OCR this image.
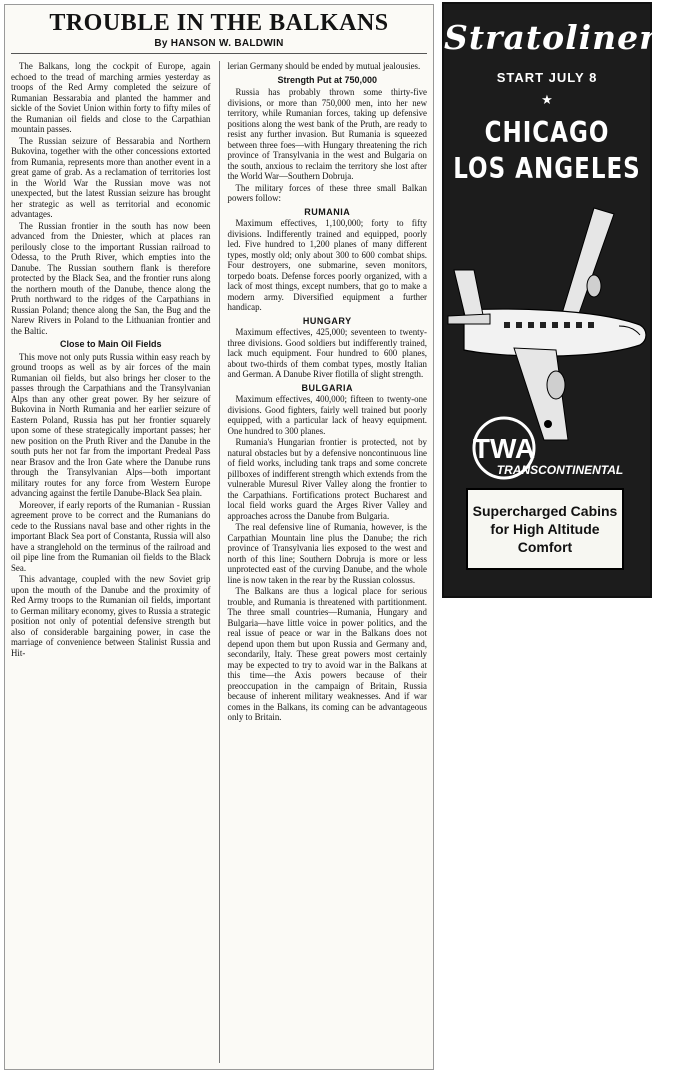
TROUBLE IN THE BALKANS

By HANSON W. BALDWIN

The Balkans, long the cockpit of Europe, again echoed to the tread of marching armies yesterday as troops of the Red Army completed the seizure of Rumanian Bessarabia and planted the hammer and sickle of the Soviet Union within forty to fifty miles of the Rumanian oil fields and close to the Carpathian mountain passes.

The Russian seizure of Bessarabia and Northern Bukovina, together with the other concessions extorted from Rumania, represents more than another event in a great game of grab. As a reclamation of territories lost in the World War the Russian move was not unexpected, but the latest Russian seizure has brought her strategic as well as territorial and economic advantages.

The Russian frontier in the south has now been advanced from the Dniester, which at places ran perilously close to the important Russian railroad to Odessa, to the Pruth River, which empties into the Danube. The Russian southern flank is therefore protected by the Black Sea, and the frontier runs along the northern mouth of the Danube, thence along the Pruth northward to the ridges of the Carpathians in Russian Poland; thence along the San, the Bug and the Narew Rivers in Poland to the Lithuanian frontier and the Baltic.

Close to Main Oil Fields

This move not only puts Russia within easy reach by ground troops as well as by air forces of the main Rumanian oil fields, but also brings her closer to the passes through the Carpathians and the Transylvanian Alps than any other great power. By her seizure of Bukovina in North Rumania and her earlier seizure of Eastern Poland, Russia has put her frontier squarely upon some of these strategically important passes; her new position on the Pruth River and the Danube in the south puts her not far from the important Predeal Pass near Brasov and the Iron Gate where the Danube runs through the Transylvanian Alps—both important military routes for any force from Western Europe advancing against the fertile Danube-Black Sea plain.

Moreover, if early reports of the Rumanian - Russian agreement prove to be correct and the Rumanians do cede to the Russians naval base and other rights in the important Black Sea port of Constanta, Russia will also have a stranglehold on the terminus of the railroad and oil pipe line from the Rumanian oil fields to the Black Sea.

This advantage, coupled with the new Soviet grip upon the mouth of the Danube and the proximity of Red Army troops to the Rumanian oil fields, important to German military economy, gives to Russia a strategic position not only of potential defensive strength but also of considerable bargaining power, in case the marriage of convenience between Stalinist Russia and Hit-

lerian Germany should be ended by mutual jealousies.

Strength Put at 750,000

Russia has probably thrown some thirty-five divisions, or more than 750,000 men, into her new territory, while Rumanian forces, taking up defensive positions along the west bank of the Pruth, are ready to resist any further invasion. But Rumania is squeezed between three foes—with Hungary threatening the rich province of Transylvania in the west and Bulgaria on the south, anxious to reclaim the territory she lost after the World War—Southern Dobruja.

The military forces of these three small Balkan powers follow:

RUMANIA

Maximum effectives, 1,100,000; forty to fifty divisions. Indifferently trained and equipped, poorly led. Five hundred to 1,200 planes of many different types, mostly old; only about 300 to 600 combat ships. Four destroyers, one submarine, seven monitors, torpedo boats. Defense forces poorly organized, with a lack of most things, except numbers, that go to make a modern army. Diversified equipment a further handicap.

HUNGARY

Maximum effectives, 425,000; seventeen to twenty-three divisions. Good soldiers but indifferently trained, lack much equipment. Four hundred to 600 planes, about two-thirds of them combat types, mostly Italian and German. A Danube River flotilla of slight strength.

BULGARIA

Maximum effectives, 400,000; fifteen to twenty-one divisions. Good fighters, fairly well trained but poorly equipped, with a particular lack of heavy equipment. One hundred to 300 planes.

Rumania's Hungarian frontier is protected, not by natural obstacles but by a defensive noncontinuous line of field works, including tank traps and some concrete pillboxes of indifferent strength which extends from the vulnerable Muresul River Valley along the frontier to the Carpathians. Fortifications protect Bucharest and local field works guard the Arges River Valley and approaches across the Danube from Bulgaria.

The real defensive line of Rumania, however, is the Carpathian Mountain line plus the Danube; the rich province of Transylvania lies exposed to the west and north of this line; Southern Dobruja is more or less unprotected east of the curving Danube, and the whole line is now taken in the rear by the Russian colossus.

The Balkans are thus a logical place for serious trouble, and Rumania is threatened with partitionment. The three small countries—Rumania, Hungary and Bulgaria—have little voice in power politics, and the real issue of peace or war in the Balkans does not depend upon them but upon Russia and Germany and, secondarily, Italy. These great powers most certainly may be expected to try to avoid war in the Balkans at this time—the Axis powers because of their preoccupation in the campaign of Britain, Russia because of inherent military weaknesses. And if war comes in the Balkans, its coming can be advantageous only to Britain.

Stratoliners
START JULY 8
★
CHICAGO
LOS ANGELES
TWA
TRANSCONTINENTAL
Supercharged Cabins
for High Altitude
Comfort
